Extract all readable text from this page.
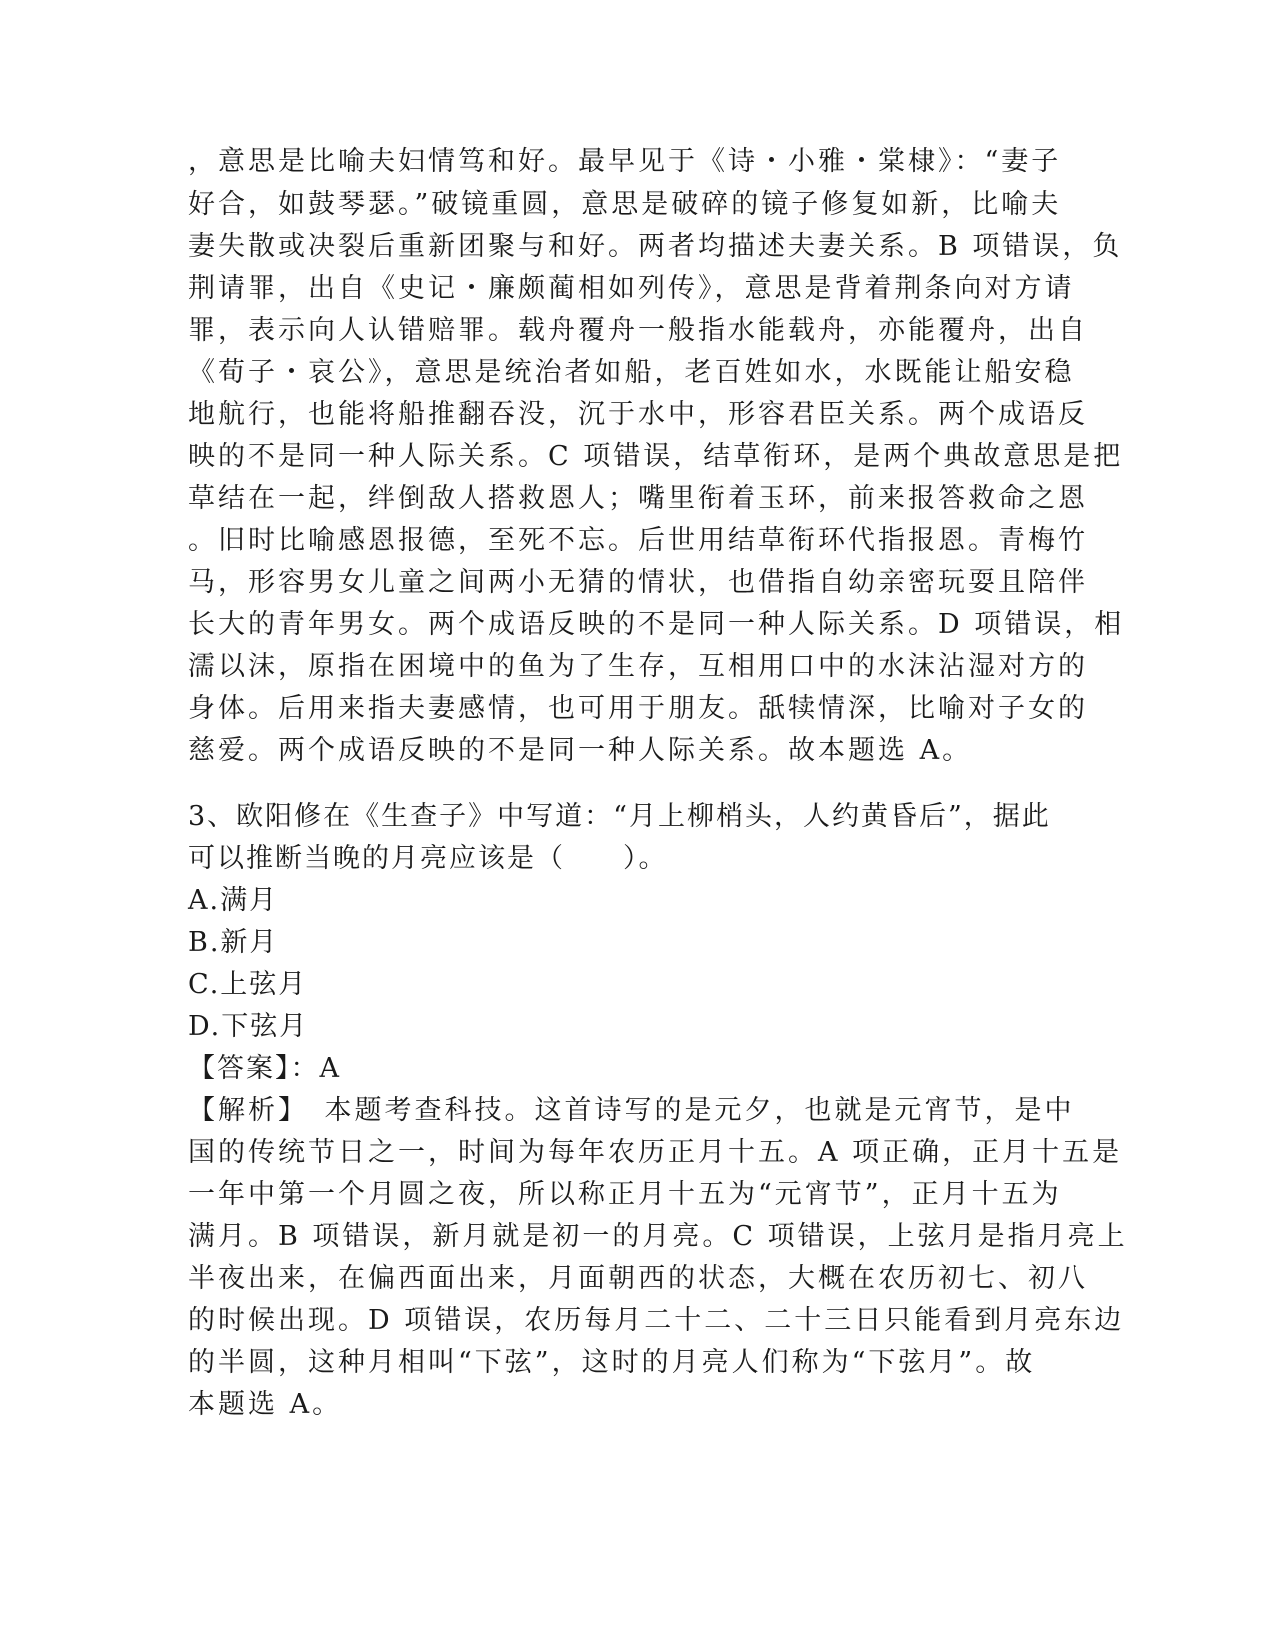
，意思是比喻夫妇情笃和好。最早见于《诗・小雅・棠棣》：“妻子
好合，如鼓琴瑟。”破镜重圆，意思是破碎的镜子修复如新，比喻夫
妻失散或决裂后重新团聚与和好。两者均描述夫妻关系。B 项错误，负
荆请罪，出自《史记・廉颇蔺相如列传》，意思是背着荆条向对方请
罪，表示向人认错赔罪。载舟覆舟一般指水能载舟，亦能覆舟，出自
《荀子・哀公》，意思是统治者如船，老百姓如水，水既能让船安稳
地航行，也能将船推翻吞没，沉于水中，形容君臣关系。两个成语反
映的不是同一种人际关系。C 项错误，结草衔环，是两个典故意思是把
草结在一起，绊倒敌人搭救恩人；嘴里衔着玉环，前来报答救命之恩
。旧时比喻感恩报德，至死不忘。后世用结草衔环代指报恩。青梅竹
马，形容男女儿童之间两小无猜的情状，也借指自幼亲密玩耍且陪伴
长大的青年男女。两个成语反映的不是同一种人际关系。D 项错误，相
濡以沫，原指在困境中的鱼为了生存，互相用口中的水沫沾湿对方的
身体。后用来指夫妻感情，也可用于朋友。舐犊情深，比喻对子女的
慈爱。两个成语反映的不是同一种人际关系。故本题选 A。
3、欧阳修在《生查子》中写道：“月上柳梢头，人约黄昏后”，据此
可以推断当晚的月亮应该是（　　）。
A.满月
B.新月
C.上弦月
D.下弦月
【答案】：A
【解析】　本题考查科技。这首诗写的是元夕，也就是元宵节，是中
国的传统节日之一，时间为每年农历正月十五。A 项正确，正月十五是
一年中第一个月圆之夜，所以称正月十五为“元宵节”，正月十五为
满月。B 项错误，新月就是初一的月亮。C 项错误，上弦月是指月亮上
半夜出来，在偏西面出来，月面朝西的状态，大概在农历初七、初八
的时候出现。D 项错误，农历每月二十二、二十三日只能看到月亮东边
的半圆，这种月相叫“下弦”，这时的月亮人们称为“下弦月”。故
本题选 A。
